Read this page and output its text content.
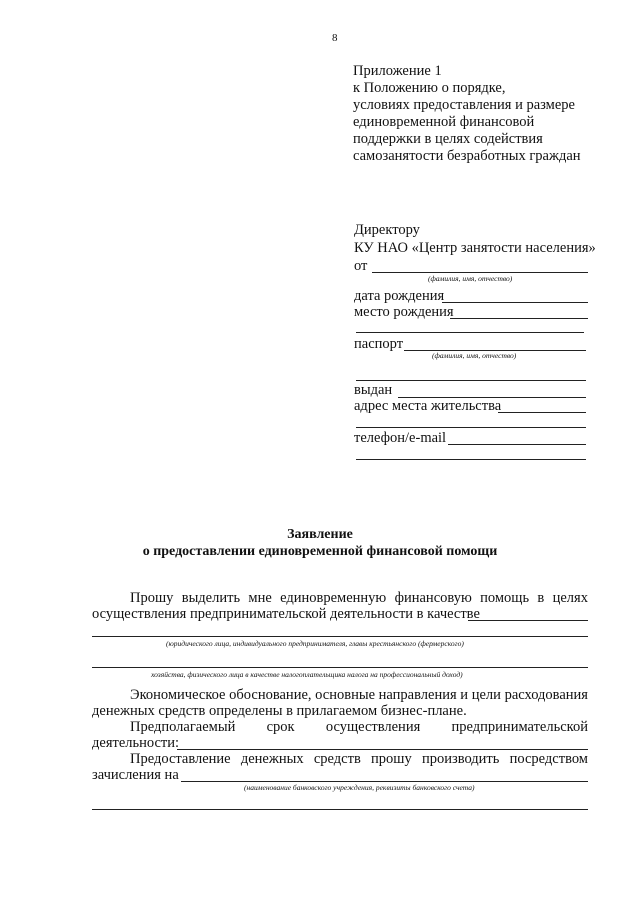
8
Приложение 1
к Положению о порядке,
условиях предоставления и размере
единовременной финансовой
поддержки в целях содействия
самозанятости безработных граждан
Директору
КУ НАО «Центр занятости населения»
от
(фамилия, имя, отчество)
дата рождения
место рождения
паспорт
(фамилия, имя, отчество)
выдан
адрес места жительства
телефон/e-mail
Заявление
о предоставлении единовременной финансовой помощи
Прошу выделить мне единовременную финансовую помощь в целях
осуществления предпринимательской деятельности в качестве
(юридического лица, индивидуального предпринимателя, главы крестьянского (фермерского)
хозяйства, физического лица в качестве налогоплательщика налога на профессиональный доход)
Экономическое обоснование, основные направления и цели расходования
денежных средств определены в прилагаемом бизнес-плане.
Предполагаемый срок осуществления предпринимательской
деятельности:
Предоставление денежных средств прошу производить посредством
зачисления на
(наименование банковского учреждения, реквизиты банковского счета)
